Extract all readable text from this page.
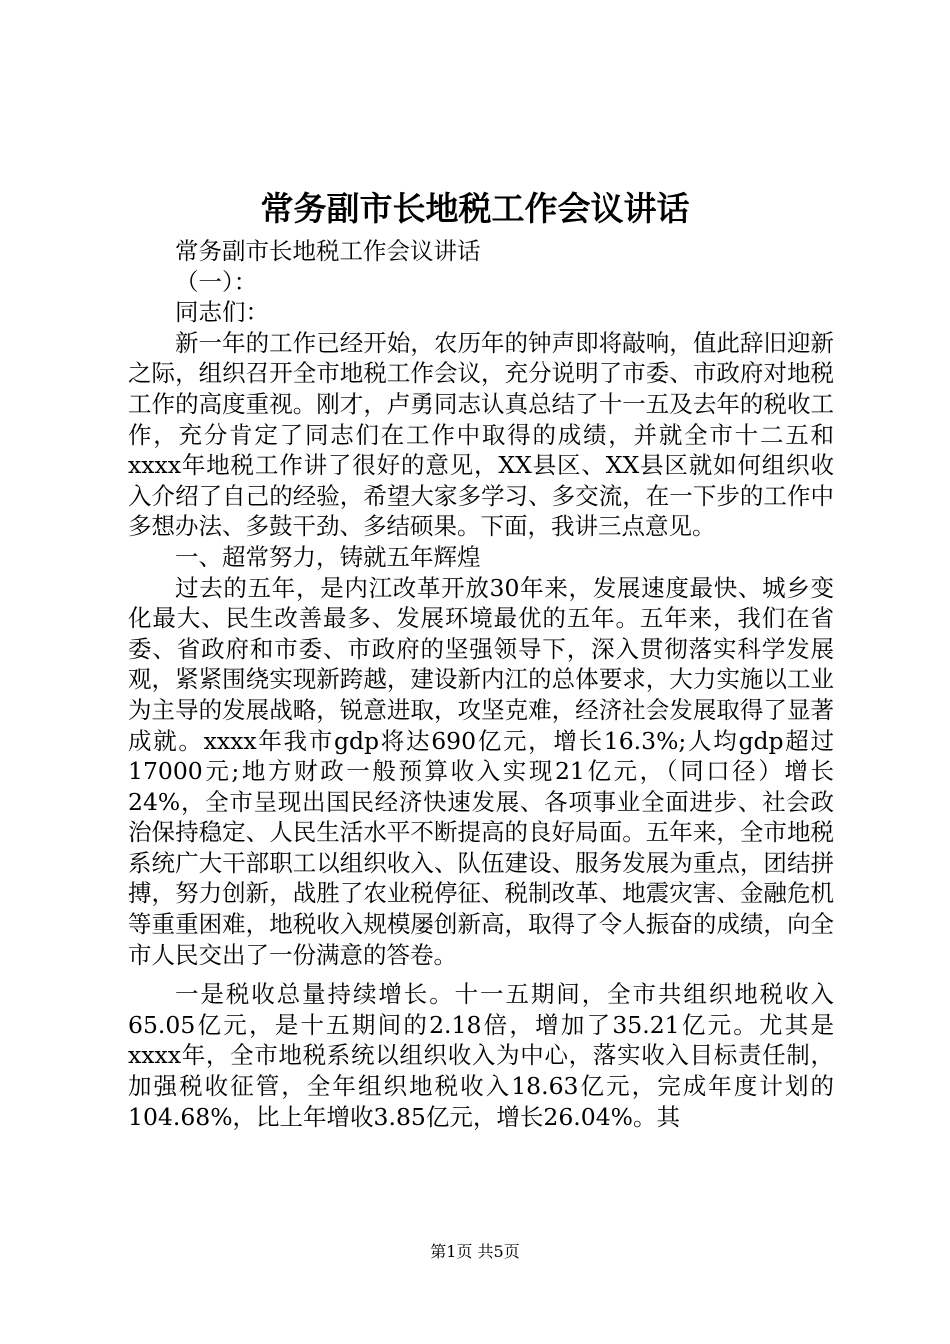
常务副市长地税工作会议讲话

常务副市长地税工作会议讲话

（一）：

同志们：

新一年的工作已经开始，农历年的钟声即将敲响，值此辞旧迎新之际，组织召开全市地税工作会议，充分说明了市委、市政府对地税工作的高度重视。刚才，卢勇同志认真总结了十一五及去年的税收工作，充分肯定了同志们在工作中取得的成绩，并就全市十二五和xxxx年地税工作讲了很好的意见，XX县区、XX县区就如何组织收入介绍了自己的经验，希望大家多学习、多交流，在一下步的工作中多想办法、多鼓干劲、多结硕果。下面，我讲三点意见。

一、超常努力，铸就五年辉煌

过去的五年，是内江改革开放30年来，发展速度最快、城乡变化最大、民生改善最多、发展环境最优的五年。五年来，我们在省委、省政府和市委、市政府的坚强领导下，深入贯彻落实科学发展观，紧紧围绕实现新跨越，建设新内江的总体要求，大力实施以工业为主导的发展战略，锐意进取，攻坚克难，经济社会发展取得了显著成就。xxxx年我市gdp将达690亿元，增长16.3%;人均gdp超过17000元;地方财政一般预算收入实现21亿元，（同口径）增长24%，全市呈现出国民经济快速发展、各项事业全面进步、社会政治保持稳定、人民生活水平不断提高的良好局面。五年来，全市地税系统广大干部职工以组织收入、队伍建设、服务发展为重点，团结拼搏，努力创新，战胜了农业税停征、税制改革、地震灾害、金融危机等重重困难，地税收入规模屡创新高，取得了令人振奋的成绩，向全市人民交出了一份满意的答卷。

一是税收总量持续增长。十一五期间，全市共组织地税收入65.05亿元，是十五期间的2.18倍，增加了35.21亿元。尤其是xxxx年，全市地税系统以组织收入为中心，落实收入目标责任制，加强税收征管，全年组织地税收入18.63亿元，完成年度计划的104.68%，比上年增收3.85亿元，增长26.04%。其

第1页 共5页
